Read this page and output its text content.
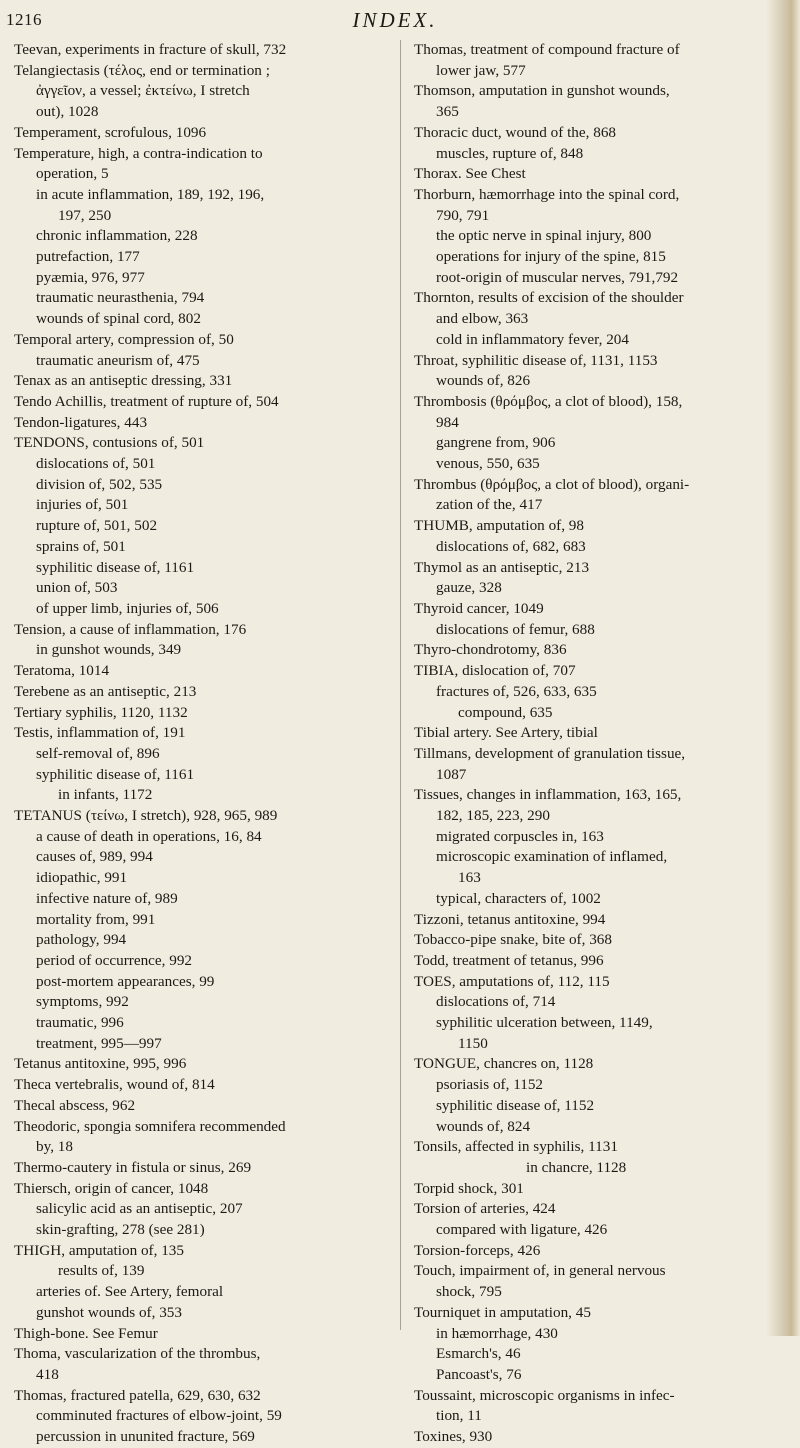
1216	INDEX.
Teevan, experiments in fracture of skull, 732
Telangiectasis (τέλος, end or termination ;
ἀγγεῖον, a vessel; ἐκτείνω, I stretch
out), 1028
Temperament, scrofulous, 1096
Temperature, high, a contra-indication to
operation, 5
in acute inflammation, 189, 192, 196,
197, 250
chronic inflammation, 228
putrefaction, 177
pyæmia, 976, 977
traumatic neurasthenia, 794
wounds of spinal cord, 802
Temporal artery, compression of, 50
traumatic aneurism of, 475
Tenax as an antiseptic dressing, 331
Tendo Achillis, treatment of rupture of, 504
Tendon-ligatures, 443
TENDONS, contusions of, 501
dislocations of, 501
division of, 502, 535
injuries of, 501
rupture of, 501, 502
sprains of, 501
syphilitic disease of, 1161
union of, 503
of upper limb, injuries of, 506
Tension, a cause of inflammation, 176
in gunshot wounds, 349
Teratoma, 1014
Terebene as an antiseptic, 213
Tertiary syphilis, 1120, 1132
Testis, inflammation of, 191
self-removal of, 896
syphilitic disease of, 1161
in infants, 1172
TETANUS (τείνω, I stretch), 928, 965, 989
a cause of death in operations, 16, 84
causes of, 989, 994
idiopathic, 991
infective nature of, 989
mortality from, 991
pathology, 994
period of occurrence, 992
post-mortem appearances, 99
symptoms, 992
traumatic, 996
treatment, 995—997
Tetanus antitoxine, 995, 996
Theca vertebralis, wound of, 814
Thecal abscess, 962
Theodoric, spongia somnifera recommended
by, 18
Thermo-cautery in fistula or sinus, 269
Thiersch, origin of cancer, 1048
salicylic acid as an antiseptic, 207
skin-grafting, 278 (see 281)
THIGH, amputation of, 135
results of, 139
arteries of. See Artery, femoral
gunshot wounds of, 353
Thigh-bone. See Femur
Thoma, vascularization of the thrombus,
418
Thomas, fractured patella, 629, 630, 632
comminuted fractures of elbow-joint, 59
percussion in ununited fracture, 569
Thomas, treatment of compound fracture of
lower jaw, 577
Thomson, amputation in gunshot wounds,
365
Thoracic duct, wound of the, 868
muscles, rupture of, 848
Thorax. See Chest
Thorburn, hæmorrhage into the spinal cord,
790, 791
the optic nerve in spinal injury, 800
operations for injury of the spine, 815
root-origin of muscular nerves, 791,792
Thornton, results of excision of the shoulder
and elbow, 363
cold in inflammatory fever, 204
Throat, syphilitic disease of, 1131, 1153
wounds of, 826
Thrombosis (θρόμβος, a clot of blood), 158,
984
gangrene from, 906
venous, 550, 635
Thrombus (θρόμβος, a clot of blood), organi-
zation of the, 417
THUMB, amputation of, 98
dislocations of, 682, 683
Thymol as an antiseptic, 213
gauze, 328
Thyroid cancer, 1049
dislocations of femur, 688
Thyro-chondrotomy, 836
TIBIA, dislocation of, 707
fractures of, 526, 633, 635
compound, 635
Tibial artery. See Artery, tibial
Tillmans, development of granulation tissue,
1087
Tissues, changes in inflammation, 163, 165,
182, 185, 223, 290
migrated corpuscles in, 163
microscopic examination of inflamed,
163
typical, characters of, 1002
Tizzoni, tetanus antitoxine, 994
Tobacco-pipe snake, bite of, 368
Todd, treatment of tetanus, 996
TOES, amputations of, 112, 115
dislocations of, 714
syphilitic ulceration between, 1149,
1150
TONGUE, chancres on, 1128
psoriasis of, 1152
syphilitic disease of, 1152
wounds of, 824
Tonsils, affected in syphilis, 1131
in chancre, 1128
Torpid shock, 301
Torsion of arteries, 424
compared with ligature, 426
Torsion-forceps, 426
Touch, impairment of, in general nervous
shock, 795
Tourniquet in amputation, 45
in hæmorrhage, 430
Esmarch's, 46
Pancoast's, 76
Toussaint, microscopic organisms in infec-
tion, 11
Toxines, 930
